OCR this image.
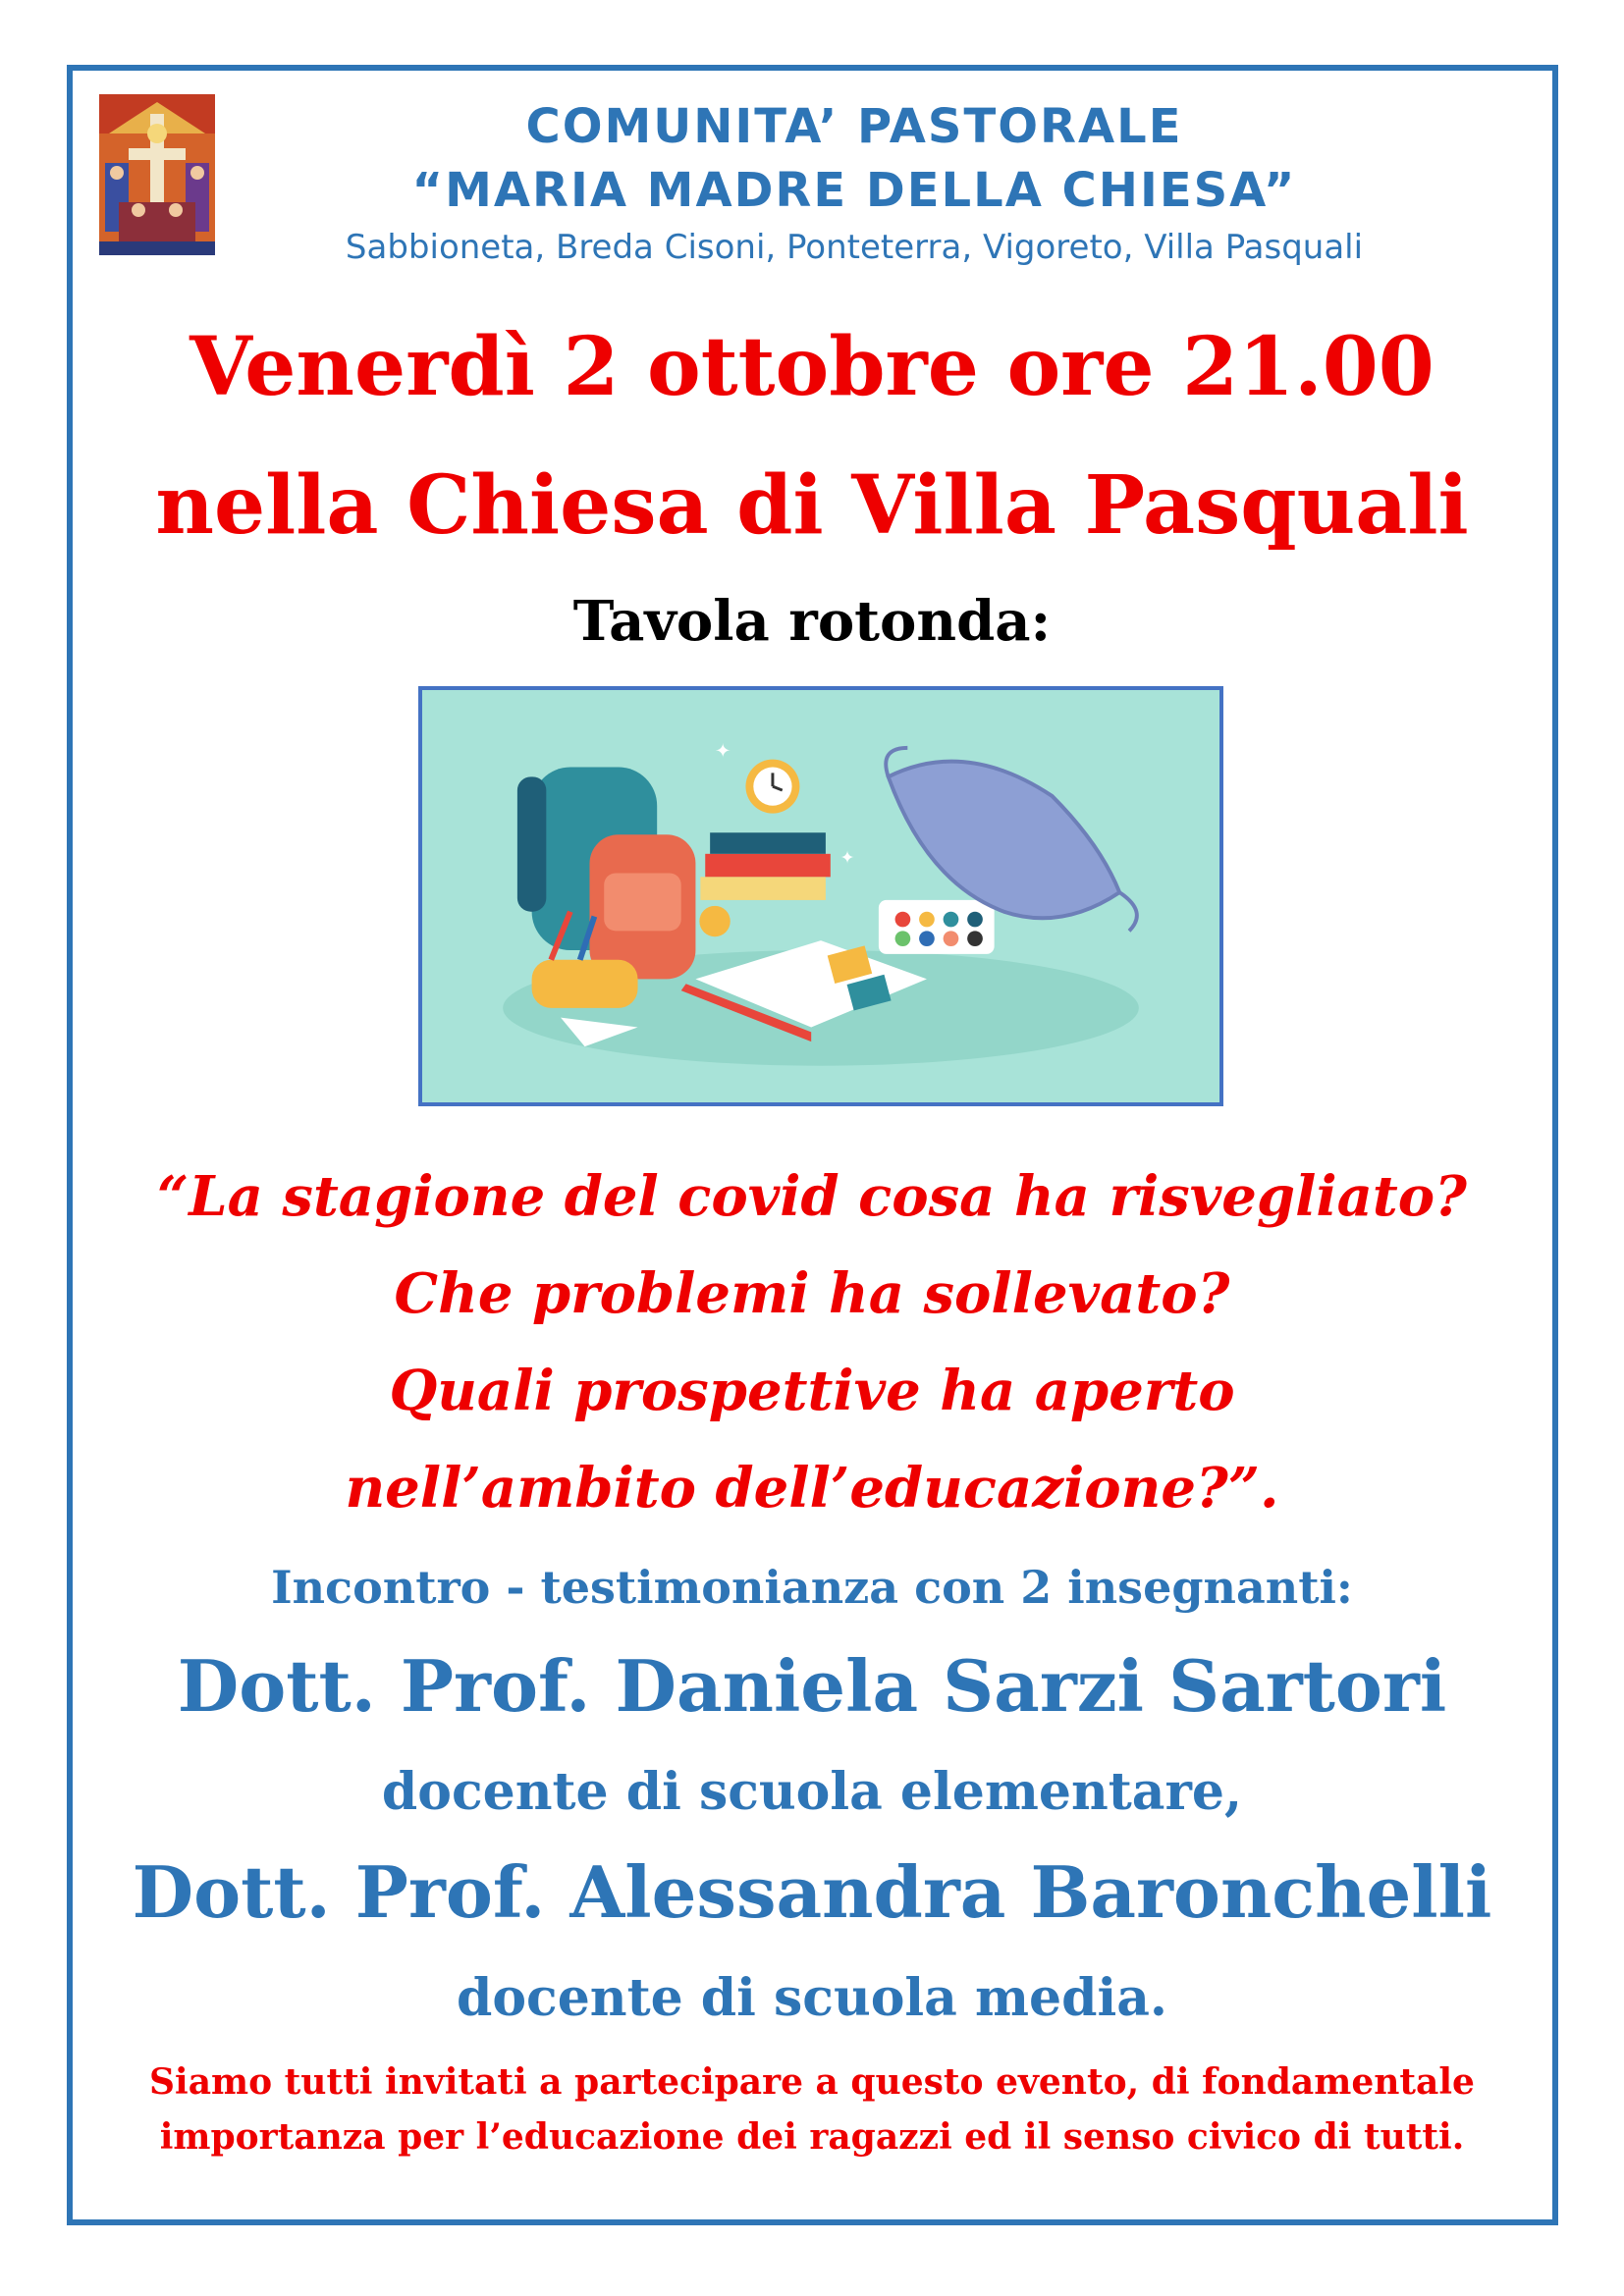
COMUNITA’ PASTORALE
“MARIA MADRE DELLA CHIESA”
Sabbioneta, Breda Cisoni, Ponteterra, Vigoreto, Villa Pasquali
Venerdì 2 ottobre ore 21.00
nella Chiesa di Villa Pasquali
Tavola rotonda:
✦
✦
“La stagione del covid cosa ha risvegliato?
Che problemi ha sollevato?
Quali prospettive ha aperto
nell’ambito dell’educazione?”.
Incontro - testimonianza con 2 insegnanti:
Dott. Prof. Daniela Sarzi Sartori
docente di scuola elementare,
Dott. Prof. Alessandra Baronchelli
docente di scuola media.
Siamo tutti invitati a partecipare a questo evento, di fondamentale
importanza per l’educazione dei ragazzi ed il senso civico di tutti.
